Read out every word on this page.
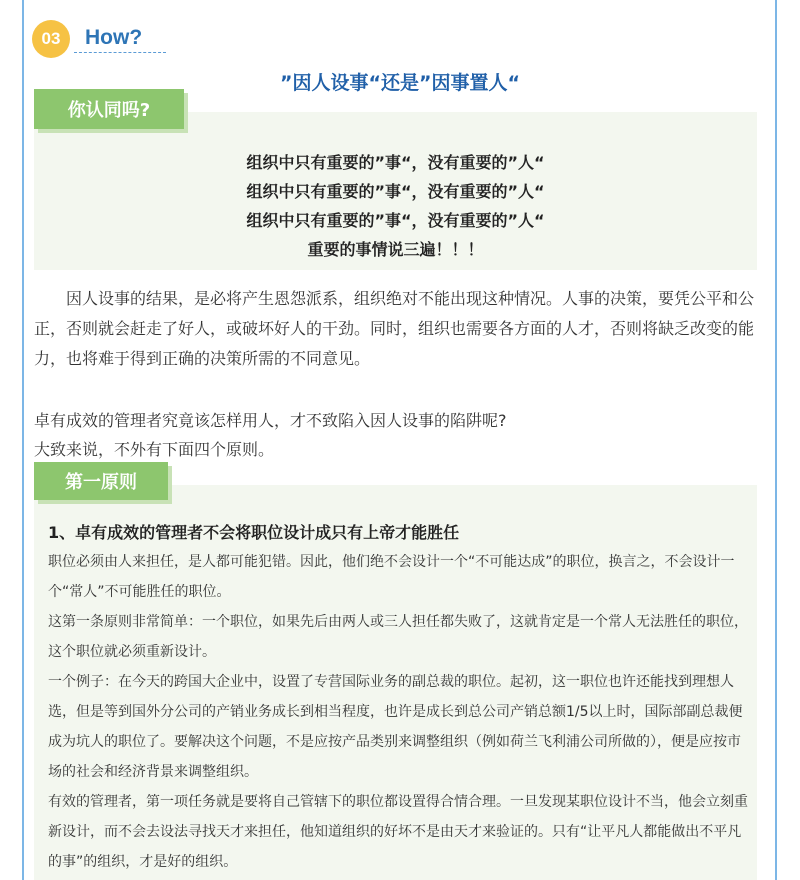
03	How?
”因人设事“还是”因事置人“
组织中只有重要的”事“，没有重要的”人“
组织中只有重要的”事“，没有重要的”人“
组织中只有重要的”事“，没有重要的”人“
重要的事情说三遍！！！
你认同吗?
因人设事的结果，是必将产生恩怨派系，组织绝对不能出现这种情况。人事的决策，要凭公平和公正，否则就会赶走了好人，或破坏好人的干劲。同时，组织也需要各方面的人才，否则将缺乏改变的能力，也将难于得到正确的决策所需的不同意见。
卓有成效的管理者究竟该怎样用人，才不致陷入因人设事的陷阱呢?
大致来说，不外有下面四个原则。
第一原则
1、卓有成效的管理者不会将职位设计成只有上帝才能胜任

职位必须由人来担任，是人都可能犯错。因此，他们绝不会设计一个“不可能达成”的职位，换言之，不会设计一个“常人”不可能胜任的职位。

这第一条原则非常简单：一个职位，如果先后由两人或三人担任都失败了，这就肯定是一个常人无法胜任的职位，这个职位就必须重新设计。

一个例子：在今天的跨国大企业中，设置了专营国际业务的副总裁的职位。起初，这一职位也许还能找到理想人选，但是等到国外分公司的产销业务成长到相当程度，也许是成长到总公司产销总额1/5以上时，国际部副总裁便成为坑人的职位了。要解决这个问题，不是应按产品类别来调整组织（例如荷兰飞利浦公司所做的），便是应按市场的社会和经济背景来调整组织。

有效的管理者，第一项任务就是要将自己管辖下的职位都设置得合情合理。一旦发现某职位设计不当，他会立刻重新设计，而不会去设法寻找天才来担任，他知道组织的好坏不是由天才来验证的。只有“让平凡人都能做出不平凡的事”的组织，才是好的组织。
